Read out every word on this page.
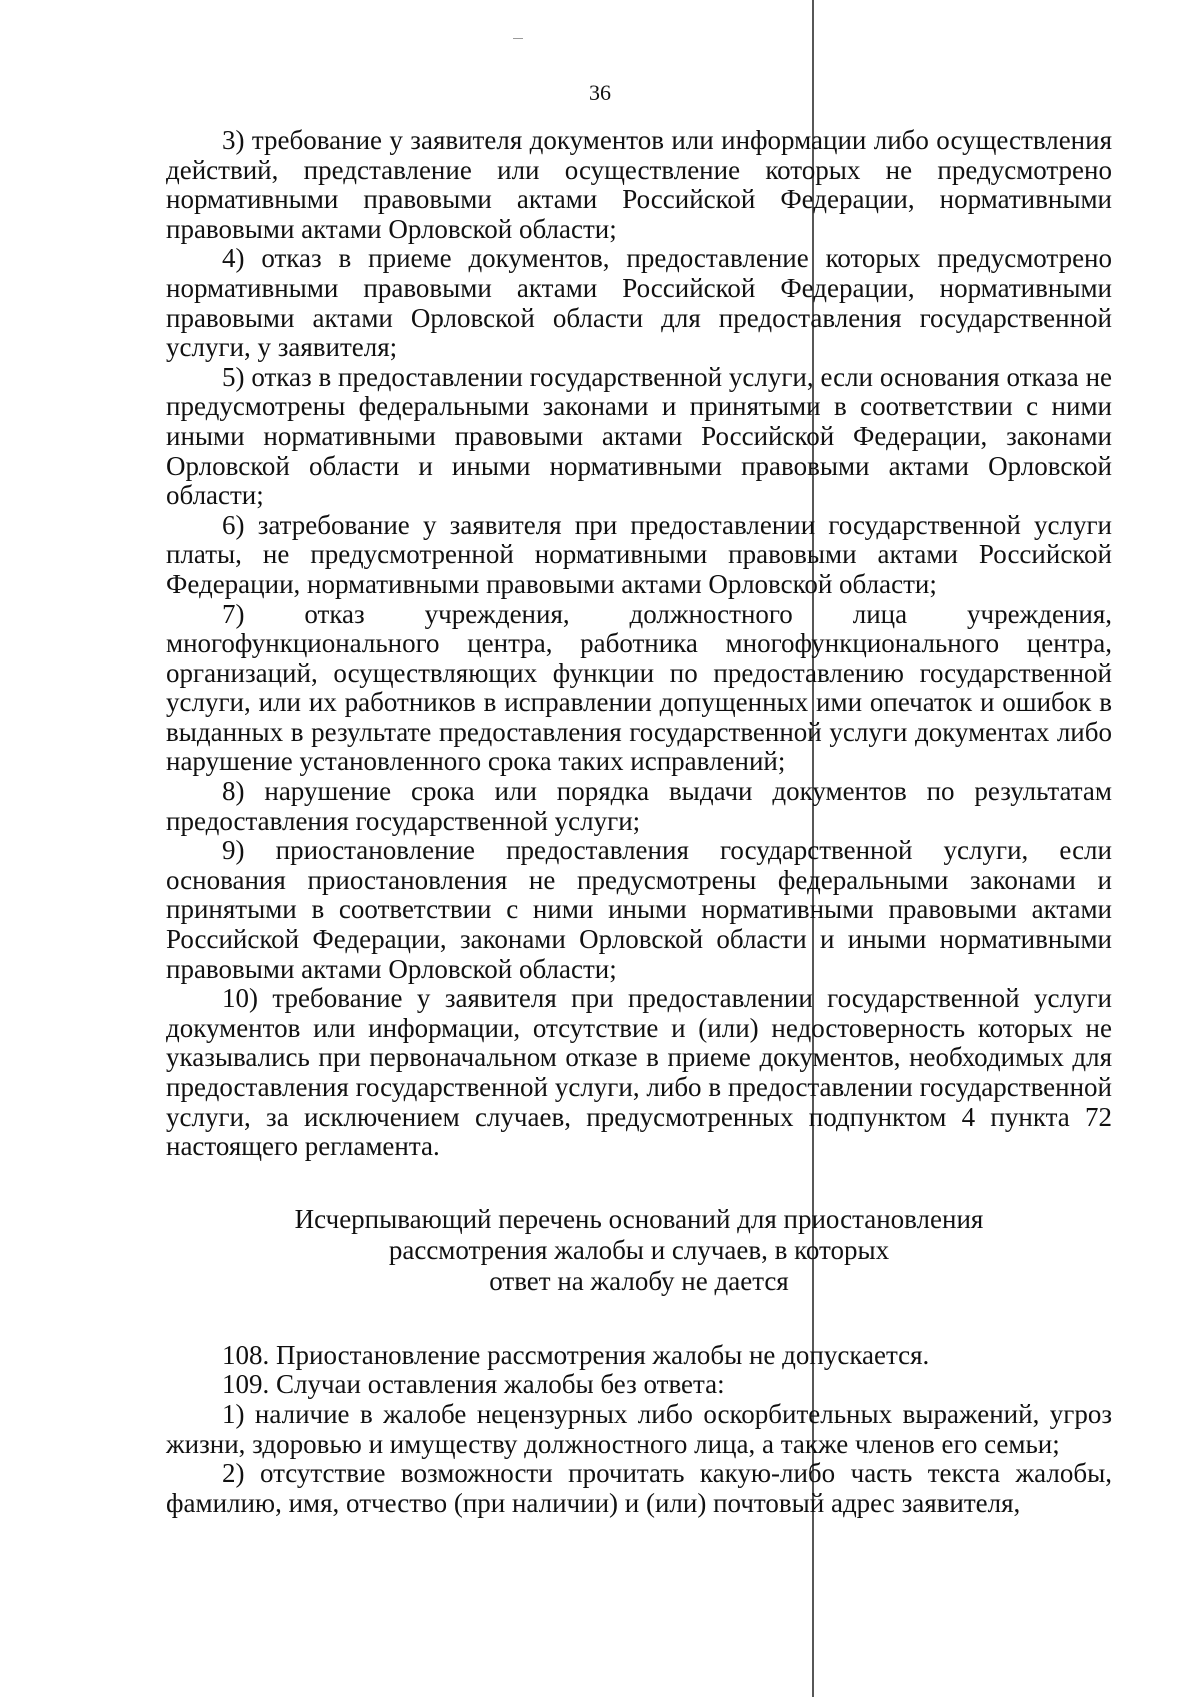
36

3) требование у заявителя документов или информации либо осуществления действий, представление или осуществление которых не предусмотрено нормативными правовыми актами Российской Федерации, нормативными правовыми актами Орловской области;

4) отказ в приеме документов, предоставление которых предусмотрено нормативными правовыми актами Российской Федерации, нормативными правовыми актами Орловской области для предоставления государственной услуги, у заявителя;

5) отказ в предоставлении государственной услуги, если основания отказа не предусмотрены федеральными законами и принятыми в соответствии с ними иными нормативными правовыми актами Российской Федерации, законами Орловской области и иными нормативными правовыми актами Орловской области;

6) затребование у заявителя при предоставлении государственной услуги платы, не предусмотренной нормативными правовыми актами Российской Федерации, нормативными правовыми актами Орловской области;

7) отказ учреждения, должностного лица учреждения, многофункционального центра, работника многофункционального центра, организаций, осуществляющих функции по предоставлению государственной услуги, или их работников в исправлении допущенных ими опечаток и ошибок в выданных в результате предоставления государственной услуги документах либо нарушение установленного срока таких исправлений;

8) нарушение срока или порядка выдачи документов по результатам предоставления государственной услуги;

9) приостановление предоставления государственной услуги, если основания приостановления не предусмотрены федеральными законами и принятыми в соответствии с ними иными нормативными правовыми актами Российской Федерации, законами Орловской области и иными нормативными правовыми актами Орловской области;

10) требование у заявителя при предоставлении государственной услуги документов или информации, отсутствие и (или) недостоверность которых не указывались при первоначальном отказе в приеме документов, необходимых для предоставления государственной услуги, либо в предоставлении государственной услуги, за исключением случаев, предусмотренных подпунктом 4 пункта 72 настоящего регламента.

Исчерпывающий перечень оснований для приостановления
рассмотрения жалобы и случаев, в которых
ответ на жалобу не дается

108. Приостановление рассмотрения жалобы не допускается.

109. Случаи оставления жалобы без ответа:

1) наличие в жалобе нецензурных либо оскорбительных выражений, угроз жизни, здоровью и имуществу должностного лица, а также членов его семьи;

2) отсутствие возможности прочитать какую-либо часть текста жалобы, фамилию, имя, отчество (при наличии) и (или) почтовый адрес заявителя,
